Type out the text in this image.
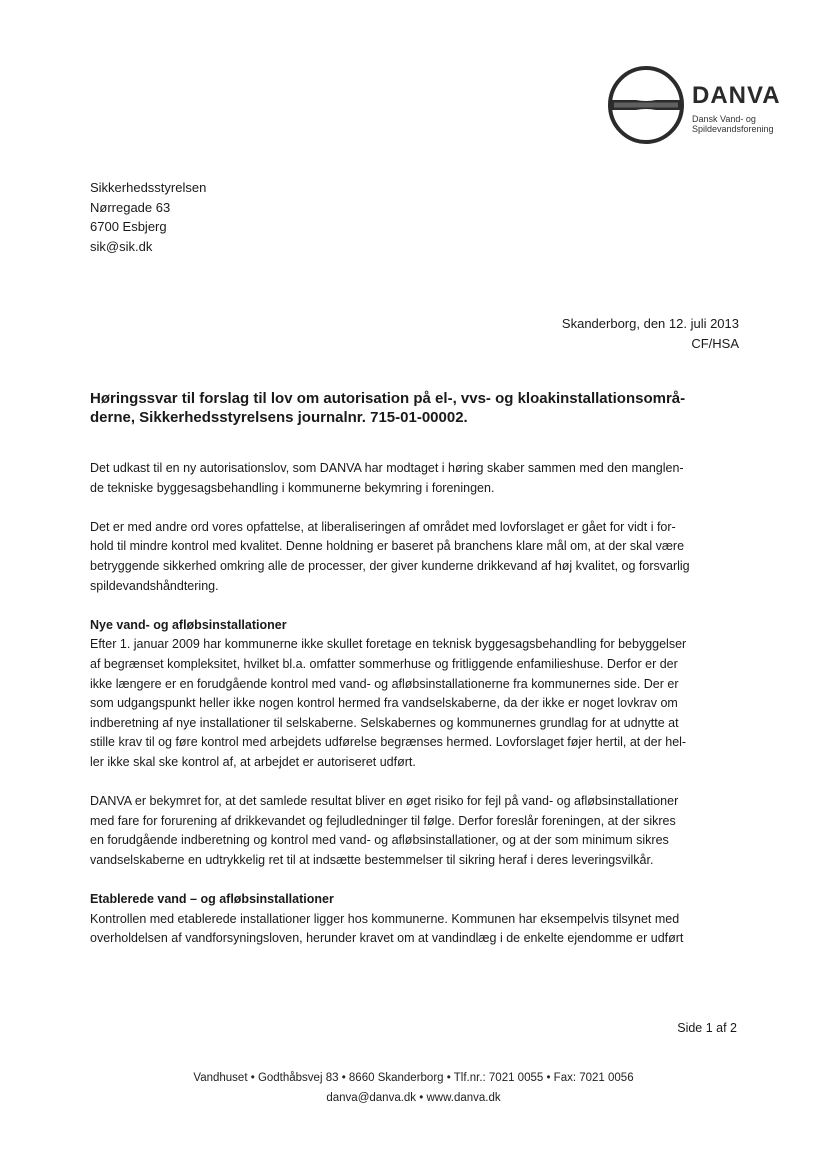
DANVA
Dansk Vand- og
Spildevandsforening
Sikkerhedsstyrelsen
Nørregade 63
6700 Esbjerg
sik@sik.dk
Skanderborg, den 12. juli 2013
CF/HSA
Høringssvar til forslag til lov om autorisation på el-, vvs- og kloakinstallationsområ-
derne, Sikkerhedsstyrelsens journalnr. 715-01-00002.
Det udkast til en ny autorisationslov, som DANVA har modtaget i høring skaber sammen med den manglen-
de tekniske byggesagsbehandling i kommunerne bekymring i foreningen.
Det er med andre ord vores opfattelse, at liberaliseringen af området med lovforslaget er gået for vidt i for-
hold til mindre kontrol med kvalitet. Denne holdning er baseret på branchens klare mål om, at der skal være
betryggende sikkerhed omkring alle de processer, der giver kunderne drikkevand af høj kvalitet, og forsvarlig
spildevandshåndtering.
Nye vand- og afløbsinstallationer
Efter 1. januar 2009 har kommunerne ikke skullet foretage en teknisk byggesagsbehandling for bebyggelser
af begrænset kompleksitet, hvilket bl.a. omfatter sommerhuse og fritliggende enfamilieshuse. Derfor er der
ikke længere er en forudgående kontrol med vand- og afløbsinstallationerne fra kommunernes side. Der er
som udgangspunkt heller ikke nogen kontrol hermed fra vandselskaberne, da der ikke er noget lovkrav om
indberetning af nye installationer til selskaberne. Selskabernes og kommunernes grundlag for at udnytte at
stille krav til og føre kontrol med arbejdets udførelse begrænses hermed. Lovforslaget føjer hertil, at der hel-
ler ikke skal ske kontrol af, at arbejdet er autoriseret udført.
DANVA er bekymret for, at det samlede resultat bliver en øget risiko for fejl på vand- og afløbsinstallationer
med fare for forurening af drikkevandet og fejludledninger til følge. Derfor foreslår foreningen, at der sikres
en forudgående indberetning og kontrol med vand- og afløbsinstallationer, og at der som minimum sikres
vandselskaberne en udtrykkelig ret til at indsætte bestemmelser til sikring heraf i deres leveringsvilkår.
Etablerede vand – og afløbsinstallationer
Kontrollen med etablerede installationer ligger hos kommunerne. Kommunen har eksempelvis tilsynet med
overholdelsen af vandforsyningsloven, herunder kravet om at vandindlæg i de enkelte ejendomme er udført
Side 1 af 2
Vandhuset • Godthåbsvej 83 • 8660 Skanderborg • Tlf.nr.: 7021 0055 • Fax: 7021 0056
danva@danva.dk • www.danva.dk
